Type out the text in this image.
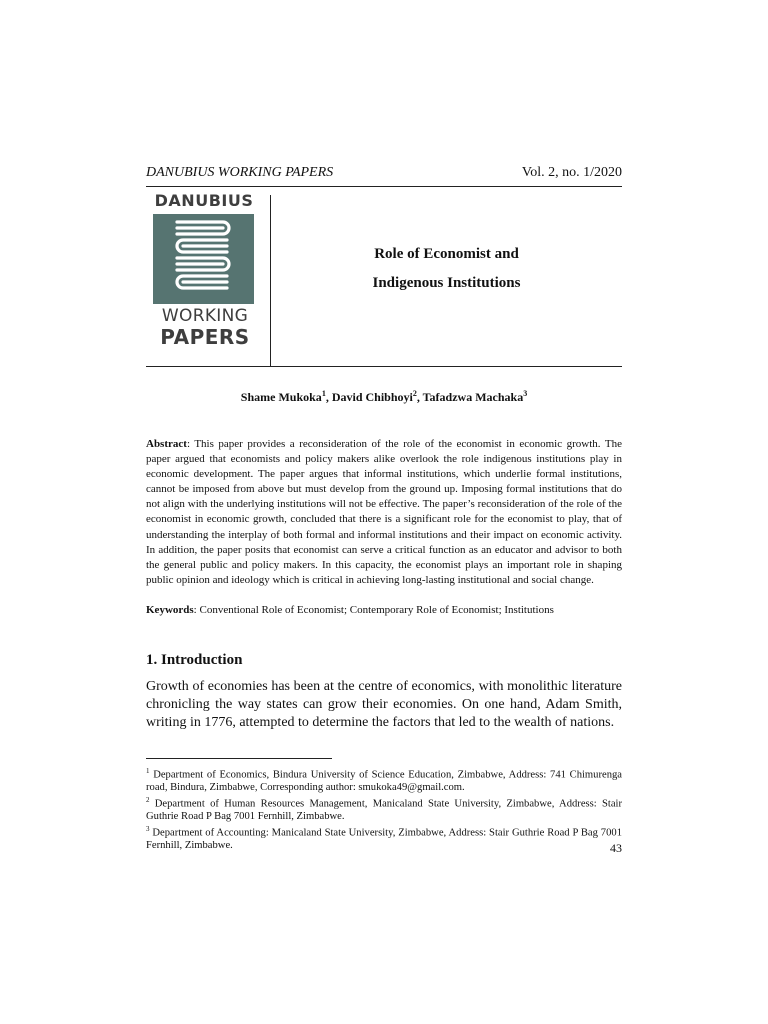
DANUBIUS WORKING PAPERS	Vol. 2, no. 1/2020
DANUBIUS
WORKING
PAPERS
Role of Economist and
Indigenous Institutions
Shame Mukoka$^1$, David Chibhoyi$^2$, Tafadzwa Machaka$^3$
Abstract: This paper provides a reconsideration of the role of the economist in economic growth. The paper argued that economists and policy makers alike overlook the role indigenous institutions play in economic development. The paper argues that informal institutions, which underlie formal institutions, cannot be imposed from above but must develop from the ground up. Imposing formal institutions that do not align with the underlying institutions will not be effective. The paper’s reconsideration of the role of the economist in economic growth, concluded that there is a significant role for the economist to play, that of understanding the interplay of both formal and informal institutions and their impact on economic activity. In addition, the paper posits that economist can serve a critical function as an educator and advisor to both the general public and policy makers. In this capacity, the economist plays an important role in shaping public opinion and ideology which is critical in achieving long-lasting institutional and social change.
Keywords: Conventional Role of Economist; Contemporary Role of Economist; Institutions
1. Introduction
Growth of economies has been at the centre of economics, with monolithic literature chronicling the way states can grow their economies. On one hand, Adam Smith, writing in 1776, attempted to determine the factors that led to the wealth of nations.

$^1$ Department of Economics, Bindura University of Science Education, Zimbabwe, Address: 741 Chimurenga road, Bindura, Zimbabwe, Corresponding author: smukoka49@gmail.com.

$^2$ Department of Human Resources Management, Manicaland State University, Zimbabwe, Address: Stair Guthrie Road P Bag 7001 Fernhill, Zimbabwe.

$^3$ Department of Accounting: Manicaland State University, Zimbabwe, Address: Stair Guthrie Road P Bag 7001 Fernhill, Zimbabwe.	43
